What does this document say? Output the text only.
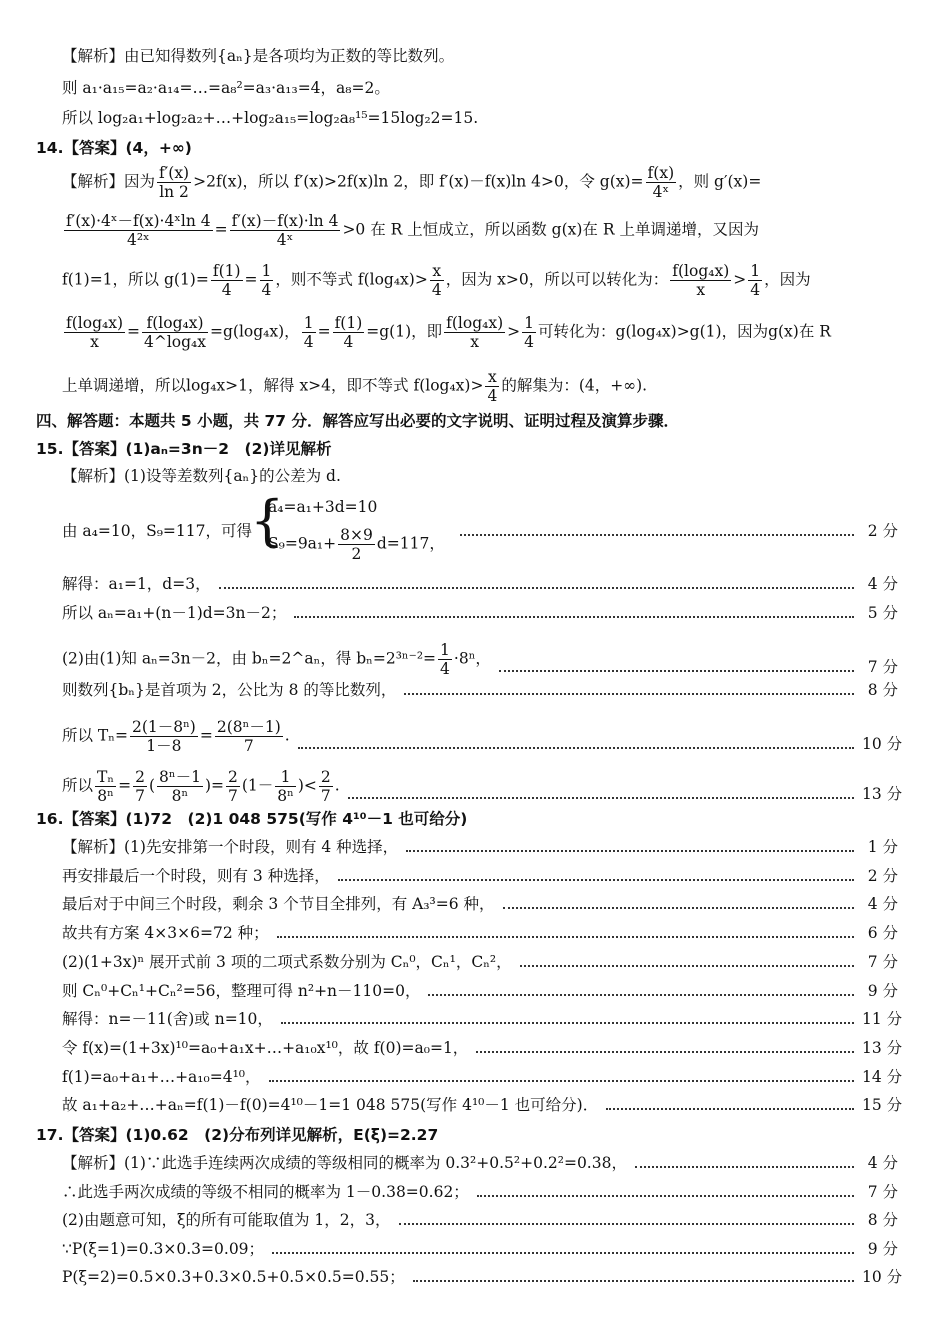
【解析】由已知得数列{aₙ}是各项均为正数的等比数列。
则 a₁·a₁₅=a₂·a₁₄=…=a₈²=a₃·a₁₃=4，a₈=2。
所以 log₂a₁+log₂a₂+…+log₂a₁₅=log₂a₈¹⁵=15log₂2=15.
14.【答案】(4，+∞)
【解析】因为 $\frac{f'(x)}{\ln 2} >2f(x)$，所以 f′(x)>2f(x)ln 2，即 f′(x)－f(x)ln 4>0，令 $g(x)= \frac{f(x)}{\text{4ˣ}}$ ，则 g′(x)=
$\frac{\text{f′(x)·4ˣ－f(x)·4ˣln 4}}{\text{4²ˣ}} = \frac{f'(x)-f(x)\cdot\ln 4}{\text{4ˣ}} >0$ 在 R 上恒成立，所以函数 g(x)在 R 上单调递增，又因为
f(1)=1，所以 $g(1)= \frac{f(1)}{4} = \frac{1}{4}$ ，则不等式 $f(\log_4x)> \frac{x}{4}$ ，因为 x>0，所以可以转化为： $\frac{\text{f(log₄x)}}{x} > \frac{1}{4}$ ，因为
$\frac{\text{f(log₄x)}}{x} = \frac{\text{f(log₄x)}}{\text{4\textasciicircum{}log₄x}} =g(\log_4x)$， $\frac{1}{4} = \frac{f(1)}{4} =g(1)$，即 $\frac{\text{f(log₄x)}}{x} > \frac{1}{4}$ 可转化为：g(log₄x)>g(1)，因为g(x)在 R
上单调递增，所以log₄x>1，解得 x>4，即不等式 $f(\log_4x)> \frac{x}{4}$ 的解集为：(4，+∞).
四、解答题：本题共 5 小题，共 77 分．解答应写出必要的文字说明、证明过程及演算步骤．
15.【答案】(1)aₙ=3n－2　(2)详见解析
【解析】(1)设等差数列{aₙ}的公差为 d.
由 a₄=10，S₉=117，可得	2 分
{
a₄=a₁+3d=10
$S_9=9a_1+ \frac{8\times 9}{2} d=117$，
解得：a₁=1，d=3，	4 分
所以 aₙ=a₁+(n－1)d=3n－2；	5 分
(2)由(1)知 aₙ=3n－2，由 bₙ=2^aₙ，得 $b_n=2^{3n-2}= \frac{1}{4} \cdot 8^n$，	7 分
则数列{bₙ}是首项为 2，公比为 8 的等比数列，	8 分
所以 $T_n= \frac{\text{2(1－8ⁿ)}}{1-8} = \frac{\text{2(8ⁿ－1)}}{7}$ .	10 分
所以 $\frac{\text{Tₙ}}{\text{8ⁿ}} = \frac{2}{7}$ ( $\frac{\text{8ⁿ－1}}{\text{8ⁿ}}$ )= $\frac{2}{7} (1- \frac{1}{\text{8ⁿ}}$ )< $\frac{2}{7}$ .	13 分
16.【答案】(1)72　(2)1 048 575(写作 4¹⁰－1 也可给分)
【解析】(1)先安排第一个时段，则有 4 种选择，	1 分
再安排最后一个时段，则有 3 种选择，	2 分
最后对于中间三个时段，剩余 3 个节目全排列，有 A₃³=6 种，	4 分
故共有方案 4×3×6=72 种；	6 分
(2)(1+3x)ⁿ 展开式前 3 项的二项式系数分别为 Cₙ⁰，Cₙ¹，Cₙ²，	7 分
则 Cₙ⁰+Cₙ¹+Cₙ²=56，整理可得 n²+n－110=0，	9 分
解得：n=－11(舍)或 n=10，	11 分
令 f(x)=(1+3x)¹⁰=a₀+a₁x+…+a₁₀x¹⁰，故 f(0)=a₀=1，	13 分
f(1)=a₀+a₁+…+a₁₀=4¹⁰，	14 分
故 a₁+a₂+…+aₙ=f(1)－f(0)=4¹⁰－1=1 048 575(写作 4¹⁰－1 也可给分)．	15 分
17.【答案】(1)0.62　(2)分布列详见解析，E(ξ)=2.27
【解析】(1)∵此选手连续两次成绩的等级相同的概率为 0.3²+0.5²+0.2²=0.38，	4 分
∴此选手两次成绩的等级不相同的概率为 1－0.38=0.62；	7 分
(2)由题意可知，ξ的所有可能取值为 1，2，3，	8 分
∵P(ξ=1)=0.3×0.3=0.09；	9 分
P(ξ=2)=0.5×0.3+0.3×0.5+0.5×0.5=0.55；	10 分
